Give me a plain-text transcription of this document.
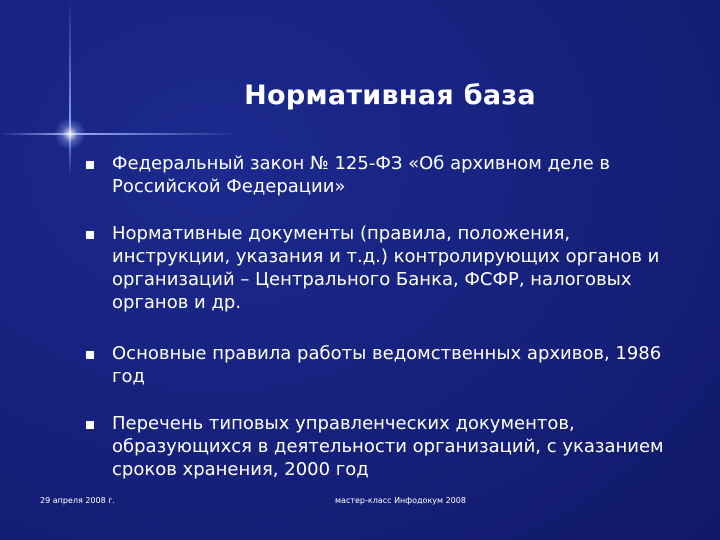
Нормативная база
Федеральный закон № 125-ФЗ «Об архивном деле в
Российской Федерации»
Нормативные документы (правила, положения,
инструкции, указания и т.д.) контролирующих органов и
организаций – Центрального Банка, ФСФР, налоговых
органов и др.
Основные правила работы ведомственных архивов, 1986
год
Перечень типовых управленческих документов,
образующихся в деятельности организаций, с указанием
сроков хранения, 2000 год
29 апреля 2008 г.	мастер-класс Инфодокум 2008
